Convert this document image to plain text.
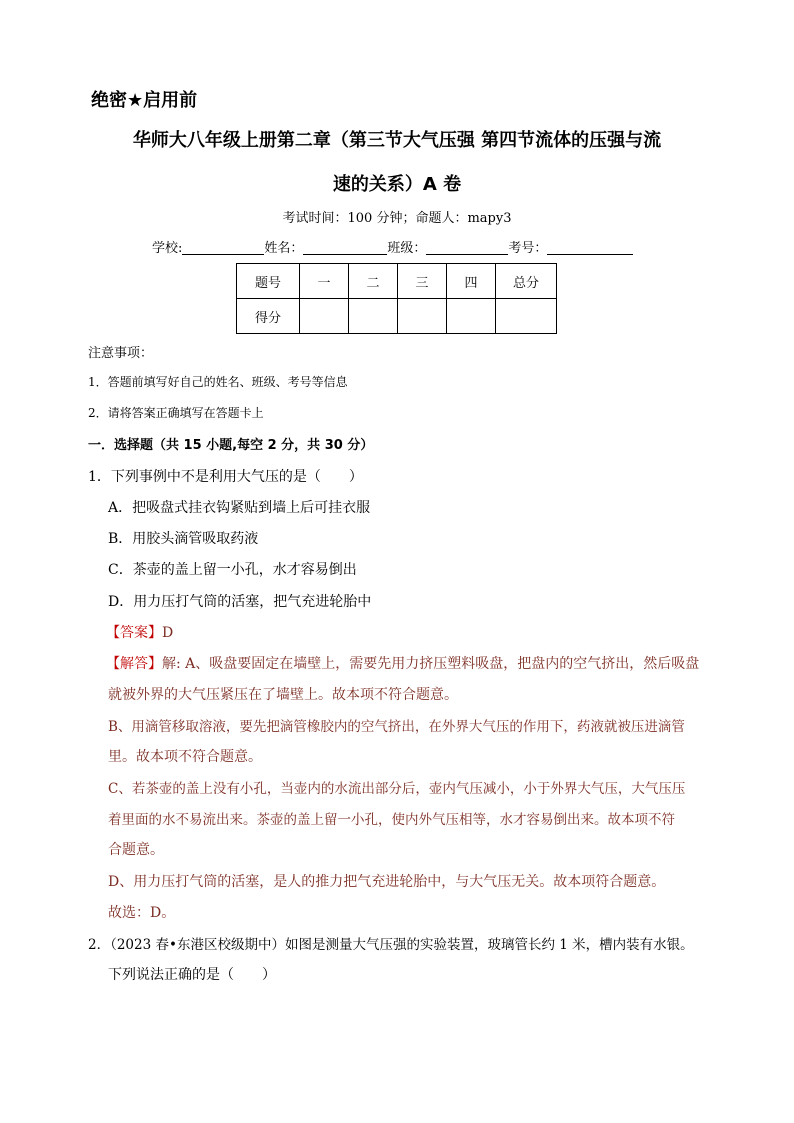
绝密★启用前
华师大八年级上册第二章（第三节大气压强 第四节流体的压强与流
速的关系）A 卷
考试时间：100 分钟；命题人：mapy3
学校:	姓名：	班级：	考号：
题号	一	二	三	四	总分
得分					
注意事项：
1．答题前填写好自己的姓名、班级、考号等信息
2．请将答案正确填写在答题卡上
一．选择题（共 15 小题,每空 2 分，共 30 分）
1．下列事例中不是利用大气压的是（　　）
A．把吸盘式挂衣钩紧贴到墙上后可挂衣服
B．用胶头滴管吸取药液
C．茶壶的盖上留一小孔，水才容易倒出
D．用力压打气筒的活塞，把气充进轮胎中
【答案】D
【解答】解: A、吸盘要固定在墙壁上，需要先用力挤压塑料吸盘，把盘内的空气挤出，然后吸盘
就被外界的大气压紧压在了墙壁上。故本项不符合题意。
B、用滴管移取溶液，要先把滴管橡胶内的空气挤出，在外界大气压的作用下，药液就被压进滴管
里。故本项不符合题意。
C、若茶壶的盖上没有小孔，当壶内的水流出部分后，壶内气压减小，小于外界大气压，大气压压
着里面的水不易流出来。茶壶的盖上留一小孔，使内外气压相等，水才容易倒出来。故本项不符
合题意。
D、用力压打气筒的活塞，是人的推力把气充进轮胎中，与大气压无关。故本项符合题意。
故选：D。
2．（2023 春•东港区校级期中）如图是测量大气压强的实验装置，玻璃管长约 1 米，槽内装有水银。
下列说法正确的是（　　）
